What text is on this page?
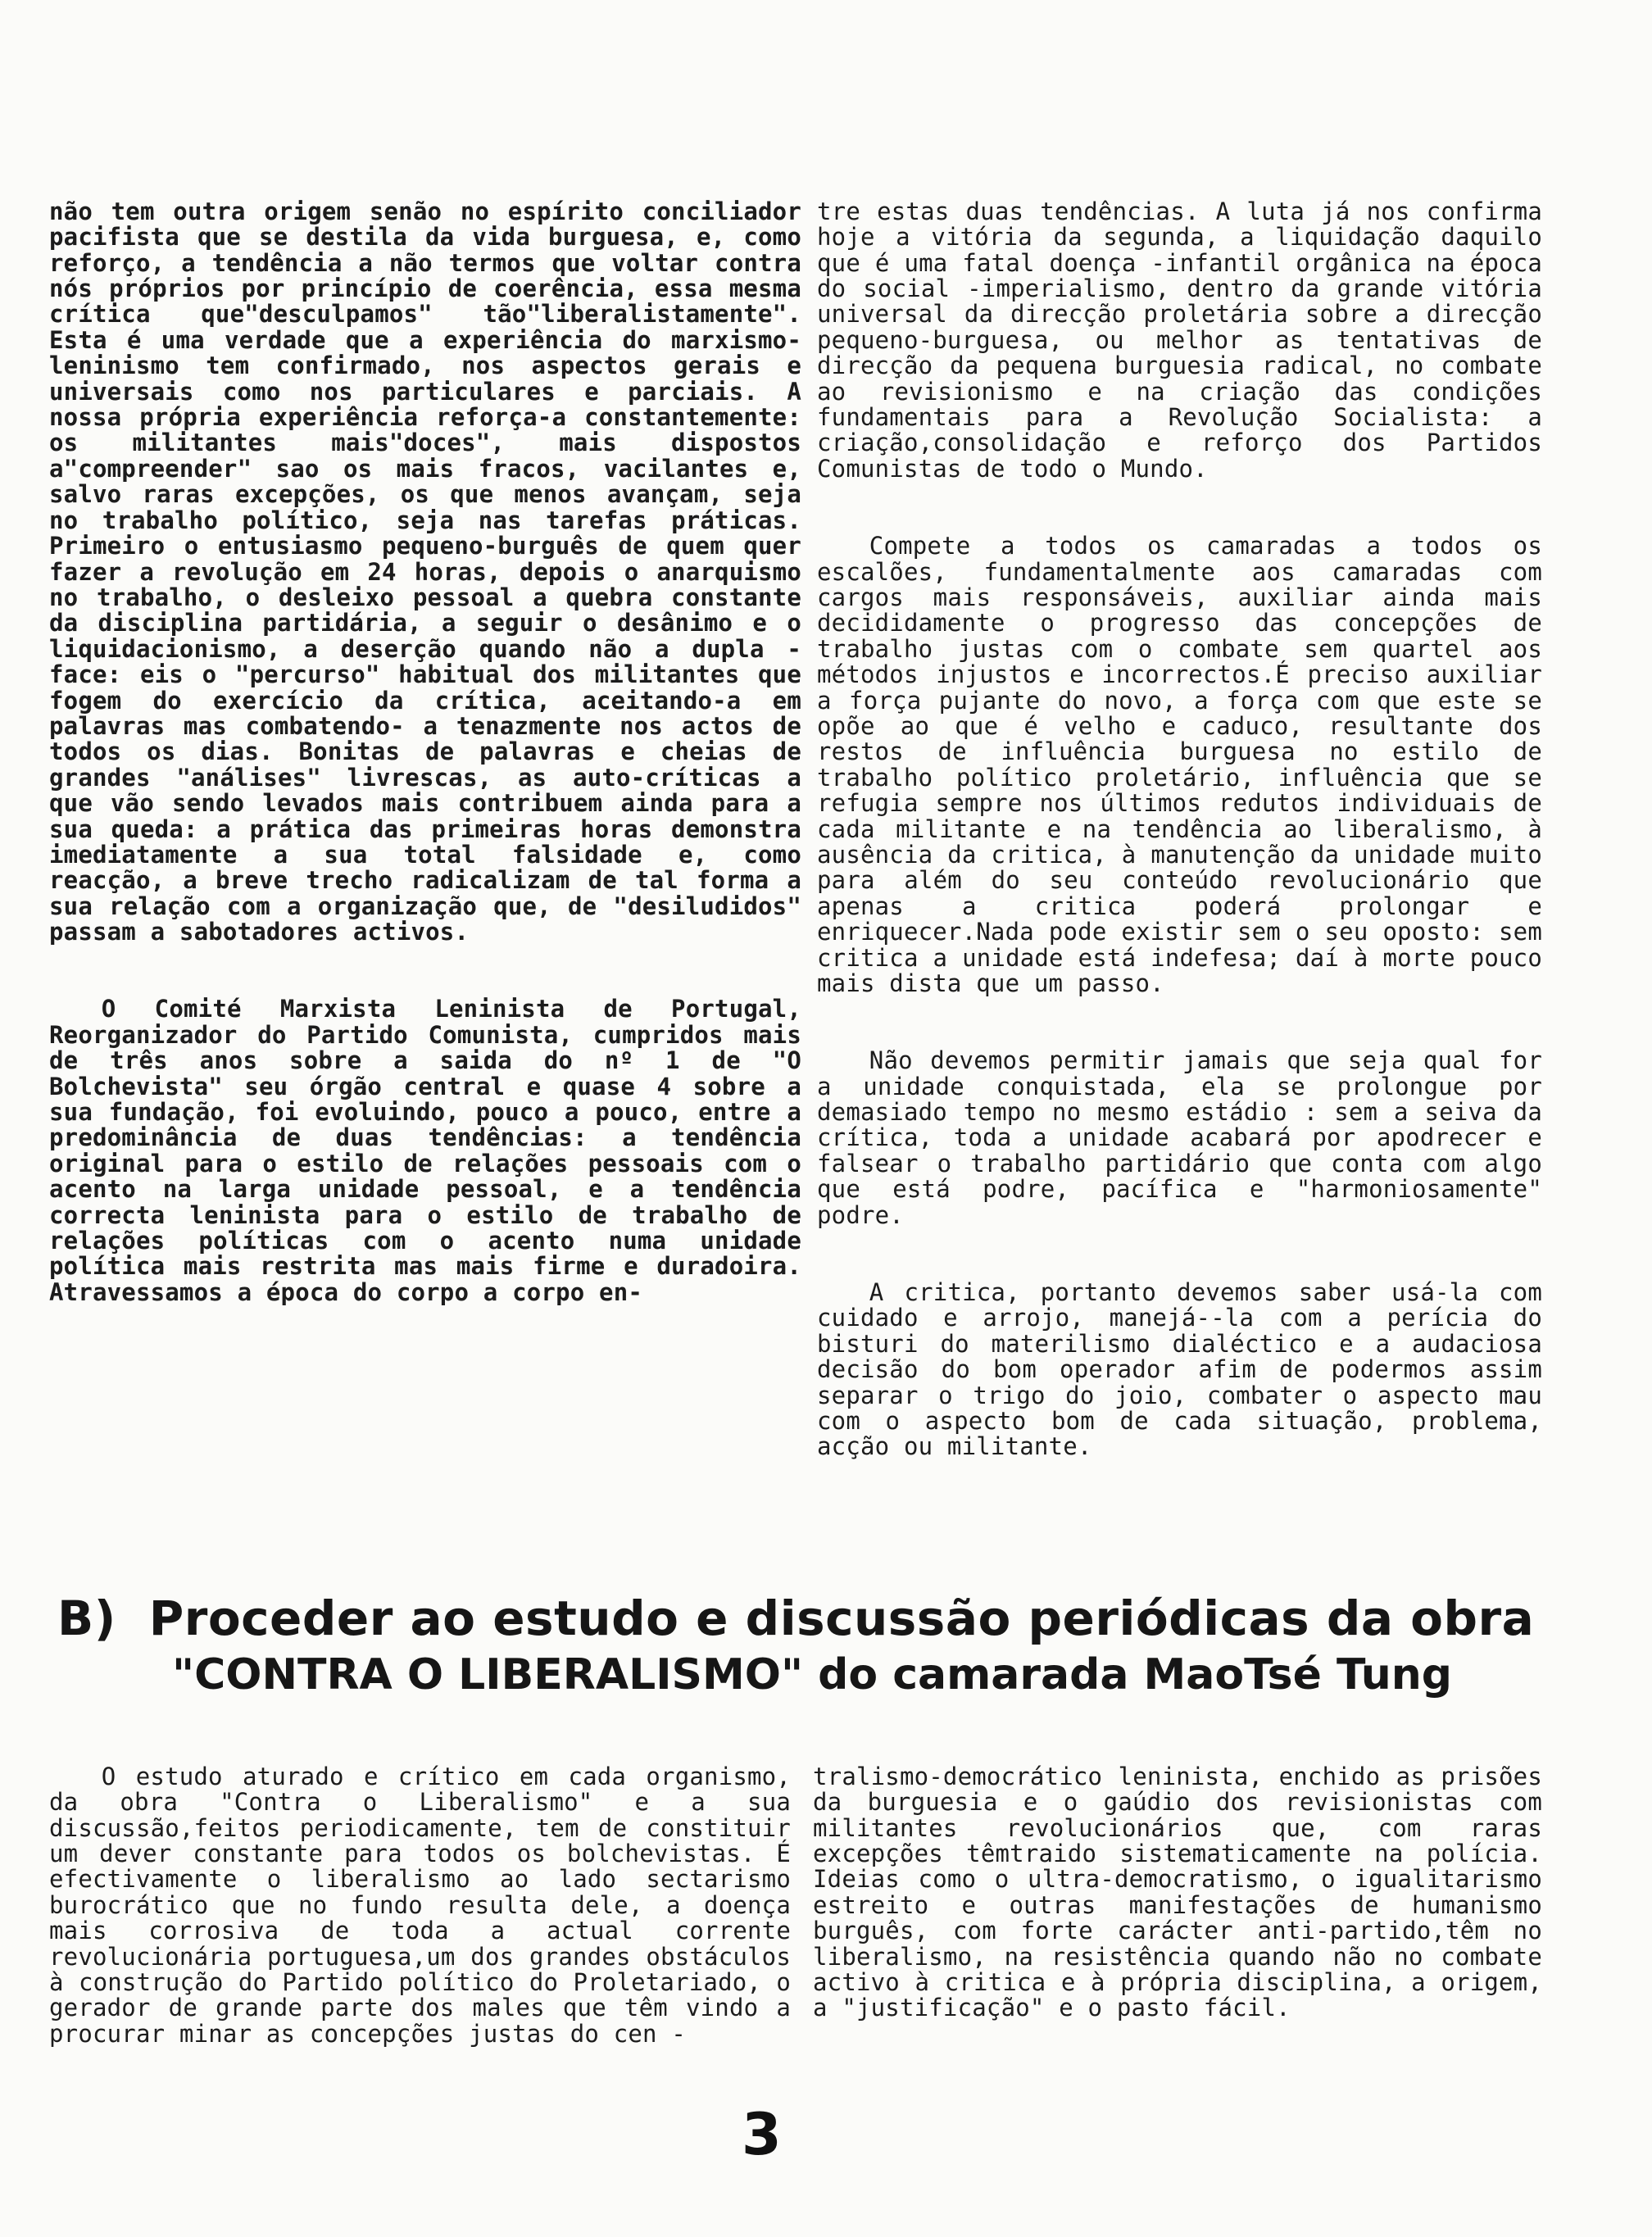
não tem outra origem senão no espírito conciliador pacifista que se destila da vida burguesa, e, como reforço, a tendência a não termos que voltar contra nós próprios por princípio de coerência, essa mesma crítica que"desculpamos" tão"liberalistamente". Esta é uma verdade que a experiência do marxismo-leninismo tem confirmado, nos aspectos gerais e universais como nos particulares e parciais. A nossa própria experiência reforça-a constantemente: os militantes mais"doces", mais dispostos a"compreender" sao os mais fracos, vacilantes e, salvo raras excepções, os que menos avançam, seja no trabalho político, seja nas tarefas práticas. Primeiro o entusiasmo pequeno-burguês de quem quer fazer a revolução em 24 horas, depois o anarquismo no trabalho, o desleixo pessoal a quebra constante da disciplina partidária, a seguir o desânimo e o liquidacionismo, a deserção quando não a dupla - face: eis o "percurso" habitual dos militantes que fogem do exercício da crítica, aceitando-a em palavras mas combatendo- a tenazmente nos actos de todos os dias. Bonitas de palavras e cheias de grandes "análises" livrescas, as auto-críticas a que vão sendo levados mais contribuem ainda para a sua queda: a prática das primeiras horas demonstra imediatamente a sua total falsidade e, como reacção, a breve trecho radicalizam de tal forma a sua relação com a organização que, de "desiludidos" passam a sabotadores activos.

O Comité Marxista Leninista de Portugal, Reorganizador do Partido Comunista, cumpridos mais de três anos sobre a saida do nº 1 de "O Bolchevista" seu órgão central e quase 4 sobre a sua fundação, foi evoluindo, pouco a pouco, entre a predominância de duas tendências: a tendência original para o estilo de relações pessoais com o acento na larga unidade pessoal, e a tendência correcta leninista para o estilo de trabalho de relações políticas com o acento numa unidade política mais restrita mas mais firme e duradoira. Atravessamos a época do corpo a corpo en-

tre estas duas tendências. A luta já nos confirma hoje a vitória da segunda, a liquidação daquilo que é uma fatal doença -infantil orgânica na época do social -imperialismo, dentro da grande vitória universal da direcção proletária sobre a direcção pequeno-burguesa, ou melhor as tentativas de direcção da pequena burguesia radical, no combate ao revisionismo e na criação das condições fundamentais para a Revolução Socialista: a criação,consolidação e reforço dos Partidos Comunistas de todo o Mundo.

Compete a todos os camaradas a todos os escalões, fundamentalmente aos camaradas com cargos mais responsáveis, auxiliar ainda mais decididamente o progresso das concepções de trabalho justas com o combate sem quartel aos métodos injustos e incorrectos.É preciso auxiliar a força pujante do novo, a força com que este se opõe ao que é velho e caduco, resultante dos restos de influência burguesa no estilo de trabalho político proletário, influência que se refugia sempre nos últimos redutos individuais de cada militante e na tendência ao liberalismo, à ausência da critica, à manutenção da unidade muito para além do seu conteúdo revolucionário que apenas a critica poderá prolongar e enriquecer.Nada pode existir sem o seu oposto: sem critica a unidade está indefesa; daí à morte pouco mais dista que um passo.

Não devemos permitir jamais que seja qual for a unidade conquistada, ela se prolongue por demasiado tempo no mesmo estádio : sem a seiva da crítica, toda a unidade acabará por apodrecer e falsear o trabalho partidário que conta com algo que está podre, pacífica e "harmoniosamente" podre.

A critica, portanto devemos saber usá-la com cuidado e arrojo, manejá--la com a perícia do bisturi do materilismo dialéctico e a audaciosa decisão do bom operador afim de podermos assim separar o trigo do joio, combater o aspecto mau com o aspecto bom de cada situação, problema, acção ou militante.

B) Proceder ao estudo e discussão periódicas da obra
"CONTRA O LIBERALISMO" do camarada MaoTsé Tung

O estudo aturado e crítico em cada organismo, da obra "Contra o Liberalismo" e a sua discussão,feitos periodicamente, tem de constituir um dever constante para todos os bolchevistas. É efectivamente o liberalismo ao lado sectarismo burocrático que no fundo resulta dele, a doença mais corrosiva de toda a actual corrente revolucionária portuguesa,um dos grandes obstáculos à construção do Partido político do Proletariado, o gerador de grande parte dos males que têm vindo a procurar minar as concepções justas do cen -

tralismo-democrático leninista, enchido as prisões da burguesia e o gaúdio dos revisionistas com militantes revolucionários que, com raras excepções têmtraido sistematicamente na polícia. Ideias como o ultra-democratismo, o igualitarismo estreito e outras manifestações de humanismo burguês, com forte carácter anti-partido,têm no liberalismo, na resistência quando não no combate activo à critica e à própria disciplina, a origem, a "justificação" e o pasto fácil.

3
